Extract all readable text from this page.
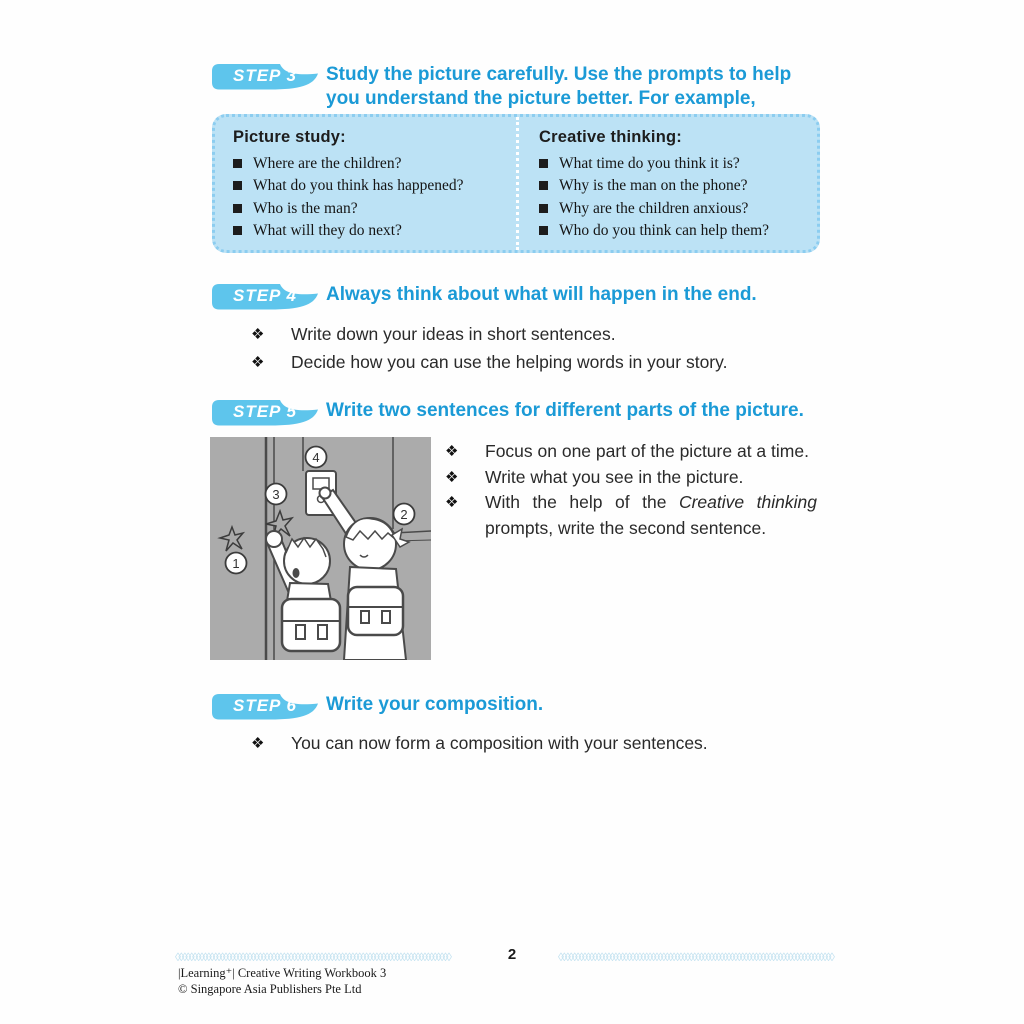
STEP 3	Study the picture carefully. Use the prompts to help you understand the picture better. For example,
Picture study:
Where are the children?
What do you think has happened?
Who is the man?
What will they do next?
Creative thinking:
What time do you think it is?
Why is the man on the phone?
Why are the children anxious?
Who do you think can help them?
STEP 4	Always think about what will happen in the end.
❖ Write down your ideas in short sentences.
❖ Decide how you can use the helping words in your story.
STEP 5	Write two sentences for different parts of the picture.
1
2
3
4	❖ Focus on one part of the picture at a time.
❖ Write what you see in the picture.
❖ With the help of the Creative thinking prompts, write the second sentence.
STEP 6	Write your composition.
❖ You can now form a composition with your sentences.
◊◊◊◊◊◊◊◊◊◊◊◊◊◊◊◊◊◊◊◊◊◊◊◊◊◊◊◊◊◊◊◊◊◊◊◊◊◊◊◊◊◊◊◊◊◊◊◊◊◊◊◊◊◊◊◊◊◊◊◊◊◊◊◊◊◊◊◊◊◊◊◊◊◊◊◊◊◊◊◊	◊◊◊◊◊◊◊◊◊◊◊◊◊◊◊◊◊◊◊◊◊◊◊◊◊◊◊◊◊◊◊◊◊◊◊◊◊◊◊◊◊◊◊◊◊◊◊◊◊◊◊◊◊◊◊◊◊◊◊◊◊◊◊◊◊◊◊◊◊◊◊◊◊◊◊◊◊◊◊◊
2
|Learning⁺| Creative Writing Workbook 3
© Singapore Asia Publishers Pte Ltd
